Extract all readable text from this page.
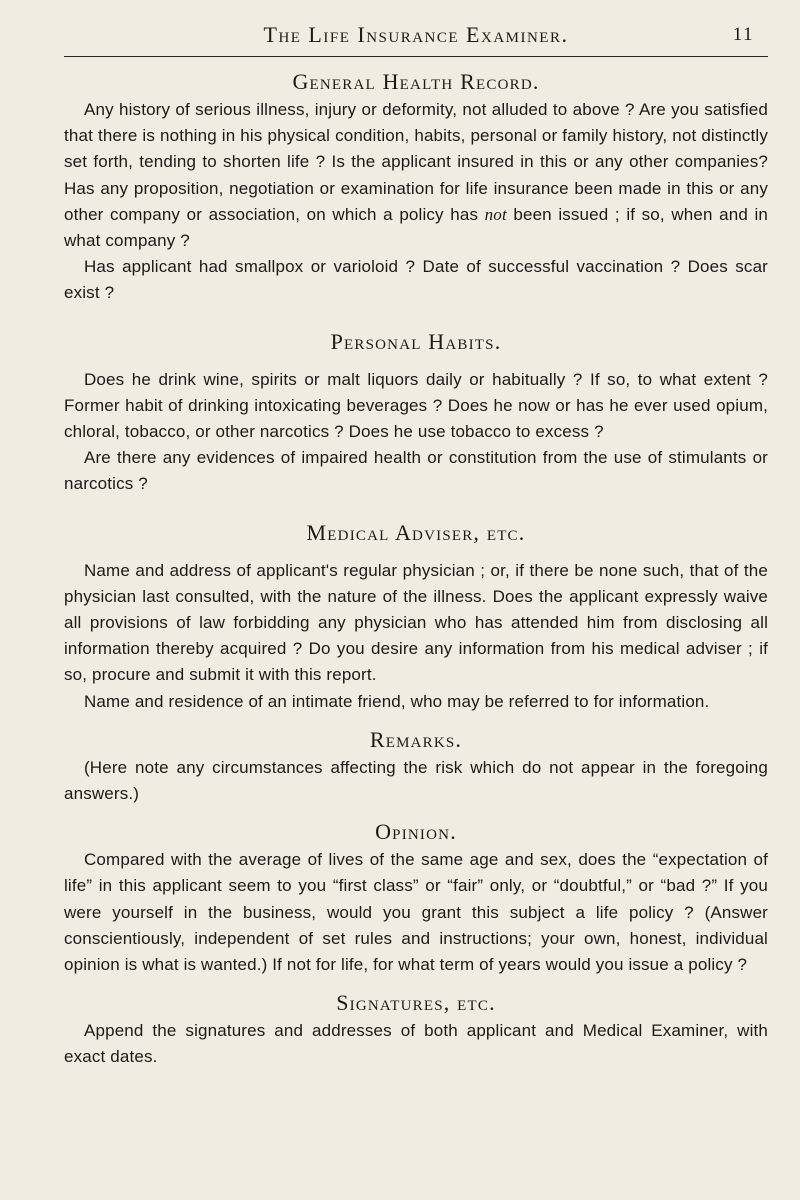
The Life Insurance Examiner.	11
General Health Record.

Any history of serious illness, injury or deformity, not alluded to above ? Are you satisfied that there is nothing in his physical condition, habits, personal or family history, not distinctly set forth, tending to shorten life ? Is the applicant insured in this or any other companies? Has any proposition, negotiation or examination for life insurance been made in this or any other company or association, on which a policy has not been issued ; if so, when and in what company ?

Has applicant had smallpox or varioloid ? Date of successful vaccination ? Does scar exist ?

Personal Habits.

Does he drink wine, spirits or malt liquors daily or habitually ? If so, to what extent ? Former habit of drinking intoxicating beverages ? Does he now or has he ever used opium, chloral, tobacco, or other narcotics ? Does he use tobacco to excess ?

Are there any evidences of impaired health or constitution from the use of stimulants or narcotics ?

Medical Adviser, etc.

Name and address of applicant's regular physician ; or, if there be none such, that of the physician last consulted, with the nature of the illness. Does the applicant expressly waive all provisions of law forbidding any physician who has attended him from disclosing all information thereby acquired ? Do you desire any information from his medical adviser ; if so, procure and submit it with this report.

Name and residence of an intimate friend, who may be referred to for information.

Remarks.

(Here note any circumstances affecting the risk which do not appear in the foregoing answers.)

Opinion.

Compared with the average of lives of the same age and sex, does the “expectation of life” in this applicant seem to you “first class” or “fair” only, or “doubtful,” or “bad ?” If you were yourself in the business, would you grant this subject a life policy ? (Answer conscientiously, independent of set rules and instructions; your own, honest, individual opinion is what is wanted.) If not for life, for what term of years would you issue a policy ?

Signatures, etc.

Append the signatures and addresses of both applicant and Medical Examiner, with exact dates.
